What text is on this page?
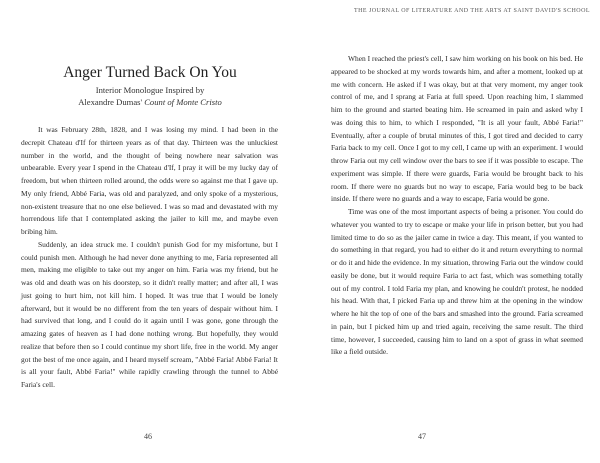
Anger Turned Back On You
Interior Monologue Inspired by
Alexandre Dumas' Count of Monte Cristo

It was February 28th, 1828, and I was losing my mind. I had been in the decrepit Chateau d'If for thirteen years as of that day. Thirteen was the unluckiest number in the world, and the thought of being nowhere near salvation was unbearable. Every year I spend in the Chateau d'If, I pray it will be my lucky day of freedom, but when thirteen rolled around, the odds were so against me that I gave up. My only friend, Abbé Faria, was old and paralyzed, and only spoke of a mysterious, non-existent treasure that no one else believed. I was so mad and devastated with my horrendous life that I contemplated asking the jailer to kill me, and maybe even bribing him.

Suddenly, an idea struck me. I couldn't punish God for my misfortune, but I could punish men. Although he had never done anything to me, Faria represented all men, making me eligible to take out my anger on him. Faria was my friend, but he was old and death was on his doorstep, so it didn't really matter; and after all, I was just going to hurt him, not kill him. I hoped. It was true that I would be lonely afterward, but it would be no different from the ten years of despair without him. I had survived that long, and I could do it again until I was gone, gone through the amazing gates of heaven as I had done nothing wrong. But hopefully, they would realize that before then so I could continue my short life, free in the world. My anger got the best of me once again, and I heard myself scream, "Abbé Faria! Abbé Faria! It is all your fault, Abbé Faria!" while rapidly crawling through the tunnel to Abbé Faria's cell.

46

When I reached the priest's cell, I saw him working on his book on his bed. He appeared to be shocked at my words towards him, and after a moment, looked up at me with concern. He asked if I was okay, but at that very moment, my anger took control of me, and I sprang at Faria at full speed. Upon reaching him, I slammed him to the ground and started beating him. He screamed in pain and asked why I was doing this to him, to which I responded, "It is all your fault, Abbé Faria!" Eventually, after a couple of brutal minutes of this, I got tired and decided to carry Faria back to my cell. Once I got to my cell, I came up with an experiment. I would throw Faria out my cell window over the bars to see if it was possible to escape. The experiment was simple. If there were guards, Faria would be brought back to his room. If there were no guards but no way to escape, Faria would beg to be back inside. If there were no guards and a way to escape, Faria would be gone.

Time was one of the most important aspects of being a prisoner. You could do whatever you wanted to try to escape or make your life in prison better, but you had limited time to do so as the jailer came in twice a day. This meant, if you wanted to do something in that regard, you had to either do it and return everything to normal or do it and hide the evidence. In my situation, throwing Faria out the window could easily be done, but it would require Faria to act fast, which was something totally out of my control. I told Faria my plan, and knowing he couldn't protest, he nodded his head. With that, I picked Faria up and threw him at the opening in the window where he hit the top of one of the bars and smashed into the ground. Faria screamed in pain, but I picked him up and tried again, receiving the same result. The third time, however, I succeeded, causing him to land on a spot of grass in what seemed like a field outside.

47
THE JOURNAL OF LITERATURE AND THE ARTS AT SAINT DAVID'S SCHOOL
